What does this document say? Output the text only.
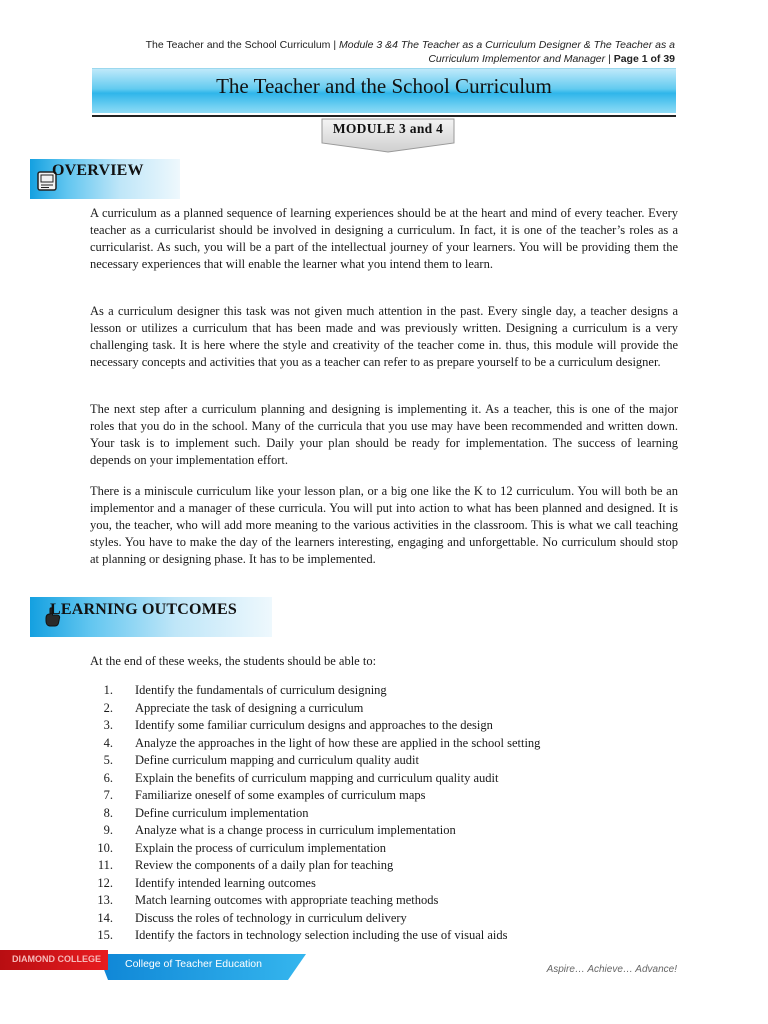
The Teacher and the School Curriculum | Module 3 &4 The Teacher as a Curriculum Designer & The Teacher as a
Curriculum Implementor and Manager | Page 1 of 39
The Teacher and the School Curriculum
MODULE 3 and 4
OVERVIEW
A curriculum as a planned sequence of learning experiences should be at the heart and mind of every teacher. Every teacher as a curricularist should be involved in designing a curriculum. In fact, it is one of the teacher’s roles as a curricularist. As such, you will be a part of the intellectual journey of your learners. You will be providing them the necessary experiences that will enable the learner what you intend them to learn.
As a curriculum designer this task was not given much attention in the past. Every single day, a teacher designs a lesson or utilizes a curriculum that has been made and was previously written. Designing a curriculum is a very challenging task. It is here where the style and creativity of the teacher come in. thus, this module will provide the necessary concepts and activities that you as a teacher can refer to as prepare yourself to be a curriculum designer.
The next step after a curriculum planning and designing is implementing it. As a teacher, this is one of the major roles that you do in the school. Many of the curricula that you use may have been recommended and written down. Your task is to implement such. Daily your plan should be ready for implementation. The success of learning depends on your implementation effort.
There is a miniscule curriculum like your lesson plan, or a big one like the K to 12 curriculum. You will both be an implementor and a manager of these curricula. You will put into action to what has been planned and designed. It is you, the teacher, who will add more meaning to the various activities in the classroom. This is what we call teaching styles. You have to make the day of the learners interesting, engaging and unforgettable. No curriculum should stop at planning or designing phase. It has to be implemented.
LEARNING OUTCOMES
At the end of these weeks, the students should be able to:
1. Identify the fundamentals of curriculum designing
2. Appreciate the task of designing a curriculum
3. Identify some familiar curriculum designs and approaches to the design
4. Analyze the approaches in the light of how these are applied in the school setting
5. Define curriculum mapping and curriculum quality audit
6. Explain the benefits of curriculum mapping and curriculum quality audit
7. Familiarize oneself of some examples of curriculum maps
8. Define curriculum implementation
9. Analyze what is a change process in curriculum implementation
10. Explain the process of curriculum implementation
11. Review the components of a daily plan for teaching
12. Identify intended learning outcomes
13. Match learning outcomes with appropriate teaching methods
14. Discuss the roles of technology in curriculum delivery
15. Identify the factors in technology selection including the use of visual aids
DIAMOND COLLEGE College of Teacher Education	Aspire… Achieve… Advance!
